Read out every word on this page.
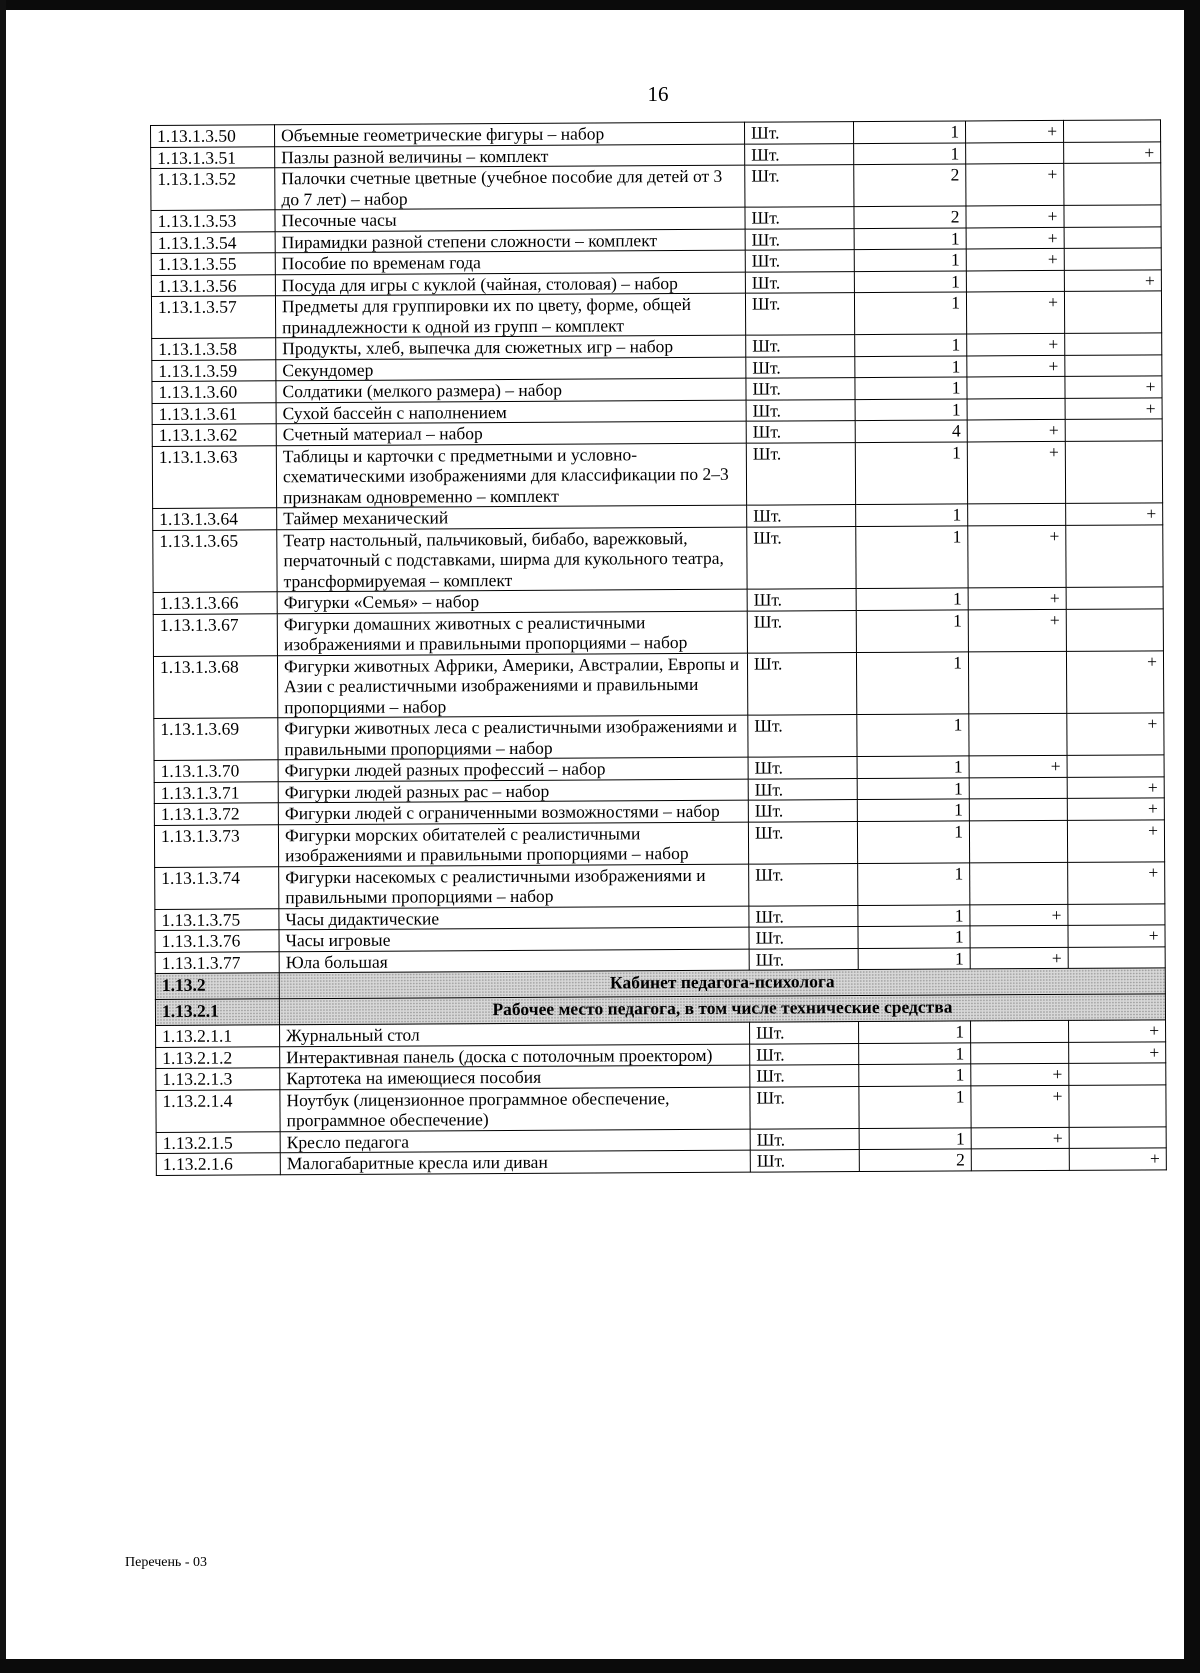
16
1.13.1.3.50	Объемные геометрические фигуры – набор	Шт.	1	+	
1.13.1.3.51	Пазлы разной величины – комплект	Шт.	1		+
1.13.1.3.52	Палочки счетные цветные (учебное пособие для детей от 3 до 7 лет) – набор	Шт.	2	+	
1.13.1.3.53	Песочные часы	Шт.	2	+	
1.13.1.3.54	Пирамидки разной степени сложности – комплект	Шт.	1	+	
1.13.1.3.55	Пособие по временам года	Шт.	1	+	
1.13.1.3.56	Посуда для игры с куклой (чайная, столовая) – набор	Шт.	1		+
1.13.1.3.57	Предметы для группировки их по цвету, форме, общей принадлежности к одной из групп – комплект	Шт.	1	+	
1.13.1.3.58	Продукты, хлеб, выпечка для сюжетных игр – набор	Шт.	1	+	
1.13.1.3.59	Секундомер	Шт.	1	+	
1.13.1.3.60	Солдатики (мелкого размера) – набор	Шт.	1		+
1.13.1.3.61	Сухой бассейн с наполнением	Шт.	1		+
1.13.1.3.62	Счетный материал – набор	Шт.	4	+	
1.13.1.3.63	Таблицы и карточки с предметными и условно-схематическими изображениями для классификации по 2–3 признакам одновременно – комплект	Шт.	1	+	
1.13.1.3.64	Таймер механический	Шт.	1		+
1.13.1.3.65	Театр настольный, пальчиковый, бибабо, варежковый, перчаточный с подставками, ширма для кукольного театра, трансформируемая – комплект	Шт.	1	+	
1.13.1.3.66	Фигурки «Семья» – набор	Шт.	1	+	
1.13.1.3.67	Фигурки домашних животных с реалистичными изображениями и правильными пропорциями – набор	Шт.	1	+	
1.13.1.3.68	Фигурки животных Африки, Америки, Австралии, Европы и Азии с реалистичными изображениями и правильными пропорциями – набор	Шт.	1		+
1.13.1.3.69	Фигурки животных леса с реалистичными изображениями и правильными пропорциями – набор	Шт.	1		+
1.13.1.3.70	Фигурки людей разных профессий – набор	Шт.	1	+	
1.13.1.3.71	Фигурки людей разных рас – набор	Шт.	1		+
1.13.1.3.72	Фигурки людей с ограниченными возможностями – набор	Шт.	1		+
1.13.1.3.73	Фигурки морских обитателей с реалистичными изображениями и правильными пропорциями – набор	Шт.	1		+
1.13.1.3.74	Фигурки насекомых с реалистичными изображениями и правильными пропорциями – набор	Шт.	1		+
1.13.1.3.75	Часы дидактические	Шт.	1	+	
1.13.1.3.76	Часы игровые	Шт.	1		+
1.13.1.3.77	Юла большая	Шт.	1	+	
1.13.2	Кабинет педагога-психолога				
1.13.2.1	Рабочее место педагога, в том числе технические средства				
1.13.2.1.1	Журнальный стол	Шт.	1		+
1.13.2.1.2	Интерактивная панель (доска с потолочным проектором)	Шт.	1		+
1.13.2.1.3	Картотека на имеющиеся пособия	Шт.	1	+	
1.13.2.1.4	Ноутбук (лицензионное программное обеспечение, программное обеспечение)	Шт.	1	+	
1.13.2.1.5	Кресло педагога	Шт.	1	+	
1.13.2.1.6	Малогабаритные кресла или диван	Шт.	2		+
Перечень - 03
